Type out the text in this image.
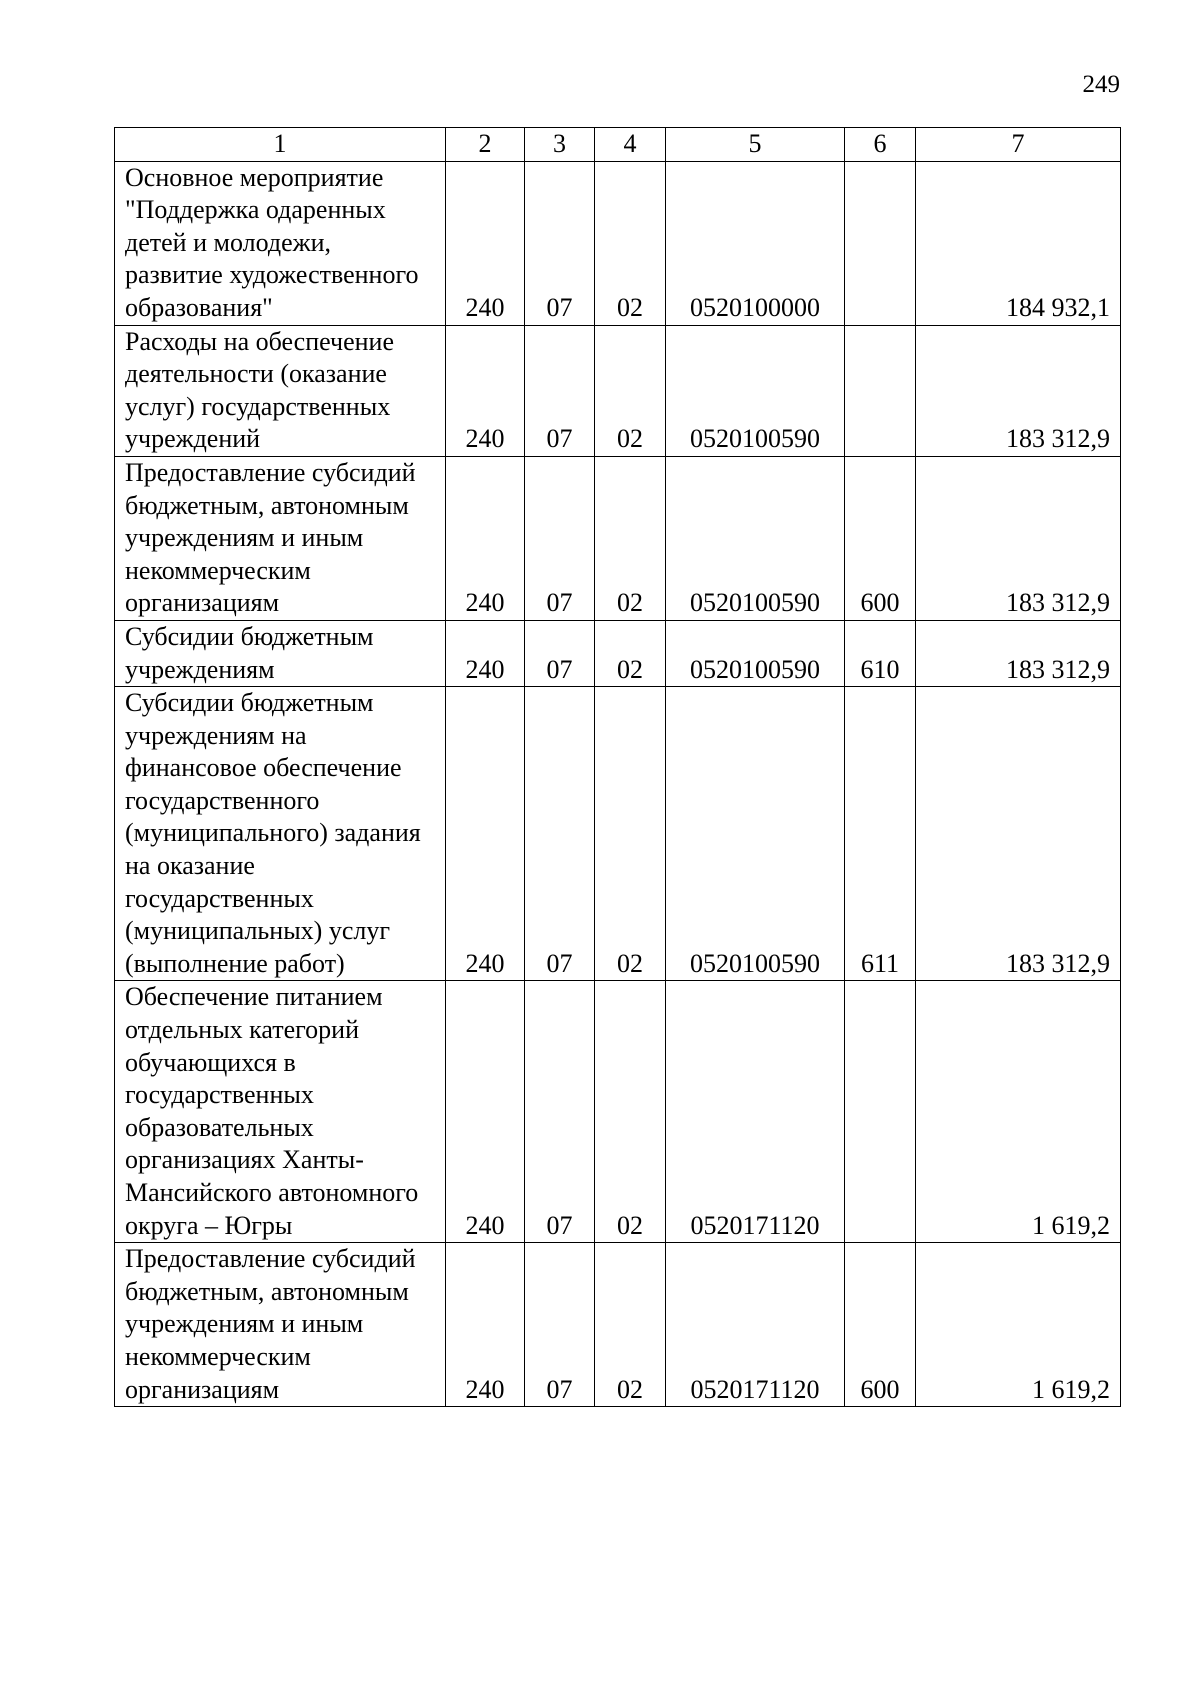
249
1	2	3	4	5	6	7
Основное мероприятие "Поддержка одаренных детей и молодежи, развитие художественного образования"	240	07	02	0520100000		184 932,1
Расходы на обеспечение деятельности (оказание услуг) государственных учреждений	240	07	02	0520100590		183 312,9
Предоставление субсидий бюджетным, автономным учреждениям и иным некоммерческим организациям	240	07	02	0520100590	600	183 312,9
Субсидии бюджетным учреждениям	240	07	02	0520100590	610	183 312,9
Субсидии бюджетным учреждениям на финансовое обеспечение государственного (муниципального) задания на оказание государственных (муниципальных) услуг (выполнение работ)	240	07	02	0520100590	611	183 312,9
Обеспечение питанием отдельных категорий обучающихся в государственных образовательных организациях Ханты-Мансийского автономного округа – Югры	240	07	02	0520171120		1 619,2
Предоставление субсидий бюджетным, автономным учреждениям и иным некоммерческим организациям	240	07	02	0520171120	600	1 619,2
